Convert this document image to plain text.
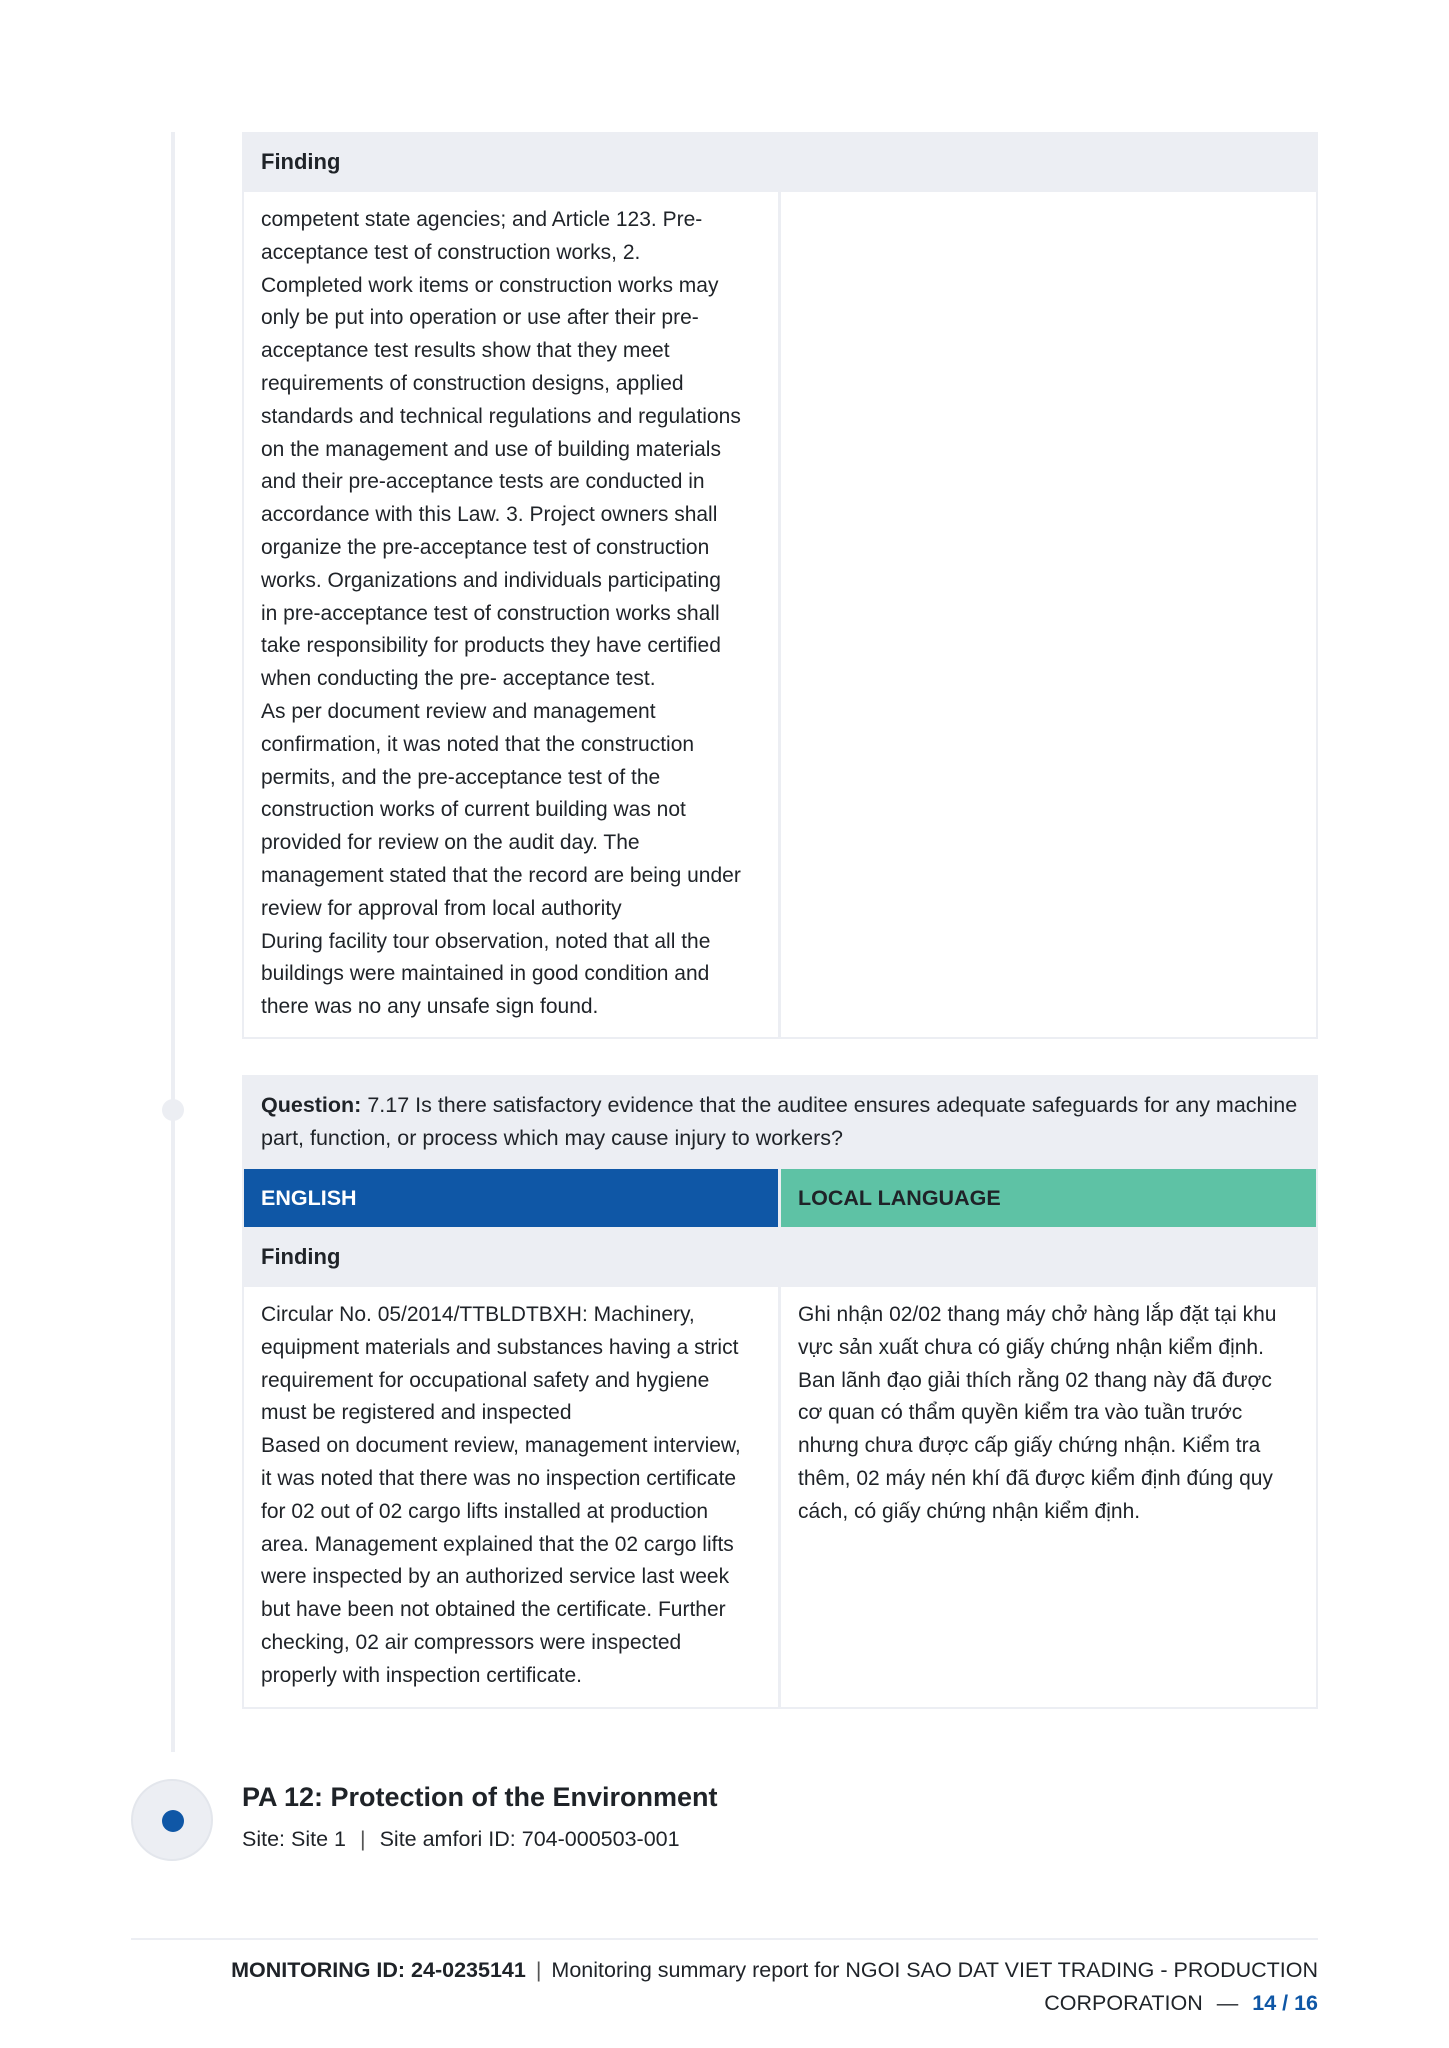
Finding
competent state agencies; and Article 123. Pre-
acceptance test of construction works, 2.
Completed work items or construction works may
only be put into operation or use after their pre-
acceptance test results show that they meet
requirements of construction designs, applied
standards and technical regulations and regulations
on the management and use of building materials
and their pre-acceptance tests are conducted in
accordance with this Law. 3. Project owners shall
organize the pre-acceptance test of construction
works. Organizations and individuals participating
in pre-acceptance test of construction works shall
take responsibility for products they have certified
when conducting the pre- acceptance test.
As per document review and management
confirmation, it was noted that the construction
permits, and the pre-acceptance test of the
construction works of current building was not
provided for review on the audit day. The
management stated that the record are being under
review for approval from local authority
During facility tour observation, noted that all the
buildings were maintained in good condition and
there was no any unsafe sign found.
Question: 7.17 Is there satisfactory evidence that the auditee ensures adequate safeguards for any machine part, function, or process which may cause injury to workers?
ENGLISH	LOCAL LANGUAGE
Finding
Circular No. 05/2014/TTBLDTBXH: Machinery,
equipment materials and substances having a strict
requirement for occupational safety and hygiene
must be registered and inspected
Based on document review, management interview,
it was noted that there was no inspection certificate
for 02 out of 02 cargo lifts installed at production
area. Management explained that the 02 cargo lifts
were inspected by an authorized service last week
but have been not obtained the certificate. Further
checking, 02 air compressors were inspected
properly with inspection certificate.
Ghi nhận 02/02 thang máy chở hàng lắp đặt tại khu
vực sản xuất chưa có giấy chứng nhận kiểm định.
Ban lãnh đạo giải thích rằng 02 thang này đã được
cơ quan có thẩm quyền kiểm tra vào tuần trước
nhưng chưa được cấp giấy chứng nhận. Kiểm tra
thêm, 02 máy nén khí đã được kiểm định đúng quy
cách, có giấy chứng nhận kiểm định.
PA 12: Protection of the Environment
Site: Site 1 | Site amfori ID: 704-000503-001
MONITORING ID: 24-0235141 | Monitoring summary report for NGOI SAO DAT VIET TRADING - PRODUCTION CORPORATION — 14 / 16
